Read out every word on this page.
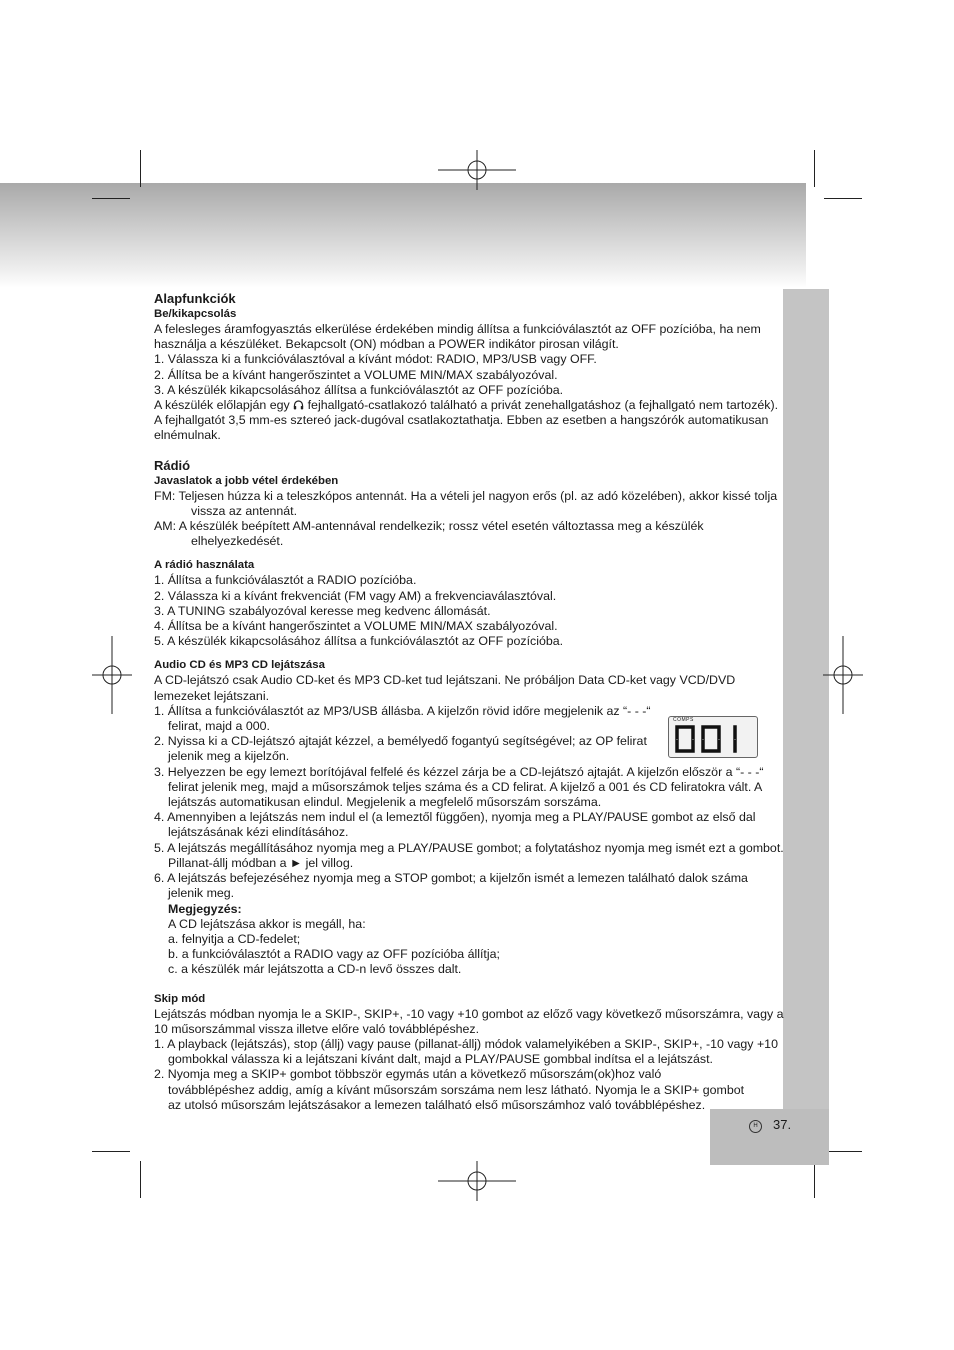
Alapfunkciók
Be/kikapcsolás

A felesleges áramfogyasztás elkerülése érdekében mindig állítsa a funkcióválasztót az OFF pozícióba, ha nem használja a készüléket. Bekapcsolt (ON) módban a POWER indikátor pirosan világít.

1. Válassza ki a funkcióválasztóval a kívánt módot: RADIO, MP3/USB vagy OFF.
2. Állítsa be a kívánt hangerőszintet a VOLUME MIN/MAX szabályozóval.
3. A készülék kikapcsolásához állítsa a funkcióválasztót az OFF pozícióba.

A készülék előlapján egy fejhallgató-csatlakozó található a privát zenehallgatáshoz (a fejhallgató nem tartozék). A fejhallgatót 3,5 mm-es sztereó jack-dugóval csatlakoztathatja. Ebben az esetben a hangszórók automatikusan elnémulnak.

Rádió
Javaslatok a jobb vétel érdekében

FM: Teljesen húzza ki a teleszkópos antennát. Ha a vételi jel nagyon erős (pl. az adó közelében), akkor kissé tolja vissza az antennát.

AM: A készülék beépített AM-antennával rendelkezik; rossz vétel esetén változtassa meg a készülék elhelyezkedését.

A rádió használata
1. Állítsa a funkcióválasztót a RADIO pozícióba.
2. Válassza ki a kívánt frekvenciát (FM vagy AM) a frekvenciaválasztóval.
3. A TUNING szabályozóval keresse meg kedvenc állomását.
4. Állítsa be a kívánt hangerőszintet a VOLUME MIN/MAX szabályozóval.
5. A készülék kikapcsolásához állítsa a funkcióválasztót az OFF pozícióba.
Audio CD és MP3 CD lejátszása

A CD-lejátszó csak Audio CD-ket és MP3 CD-ket tud lejátszani. Ne próbáljon Data CD-ket vagy VCD/DVD lemezeket lejátszani.

1. Állítsa a funkcióválasztót az MP3/USB állásba. A kijelzőn rövid időre megjelenik az “- - -“ felirat, majd a 000.
2. Nyissa ki a CD-lejátszó ajtaját kézzel, a bemélyedő fogantyú segítségével; az OP felirat jelenik meg a kijelzőn.
3. Helyezzen be egy lemezt borítójával felfelé és kézzel zárja be a CD-lejátszó ajtaját. A kijelzőn először a “- - -“ felirat jelenik meg, majd a műsorszámok teljes száma és a CD felirat. A kijelző a 001 és CD feliratokra vált. A lejátszás automatikusan elindul. Megjelenik a megfelelő műsorszám sorszáma.
4. Amennyiben a lejátszás nem indul el (a lemeztől függően), nyomja meg a PLAY/PAUSE gombot az első dal lejátszásának kézi elindításához.
5. A lejátszás megállításához nyomja meg a PLAY/PAUSE gombot; a folytatáshoz nyomja meg ismét ezt a gombot. Pillanat-állj módban a ► jel villog.
6. A lejátszás befejezéséhez nyomja meg a STOP gombot; a kijelzőn ismét a lemezen található dalok száma jelenik meg.

Megjegyzés:

A CD lejátszása akkor is megáll, ha:

a. felnyitja a CD-fedelet;

b. a funkcióválasztót a RADIO vagy az OFF pozícióba állítja;

c. a készülék már lejátszotta a CD-n levő összes dalt.

Skip mód

Lejátszás módban nyomja le a SKIP-, SKIP+, -10 vagy +10 gombot az előző vagy következő műsorszámra, vagy a 10 műsorszámmal visszа illetve előre való továbblépéshez.

1. A playback (lejátszás), stop (állj) vagy pause (pillanat-állj) módok valamelyikében a SKIP-, SKIP+, -10 vagy +10 gombokkal válassza ki a lejátszani kívánt dalt, majd a PLAY/PAUSE gombbal indítsa el a lejátszást.
2. Nyomja meg a SKIP+ gombot többször egymás után a következő műsorszám(ok)hoz való továbblépéshez addig, amíg a kívánt műsorszám sorszáma nem lesz látható. Nyomja le a SKIP+ gombot az utolsó műsorszám lejátszásakor a lemezen található első műsorszámhoz való továbblépéshez.
COMPS
H	37.
